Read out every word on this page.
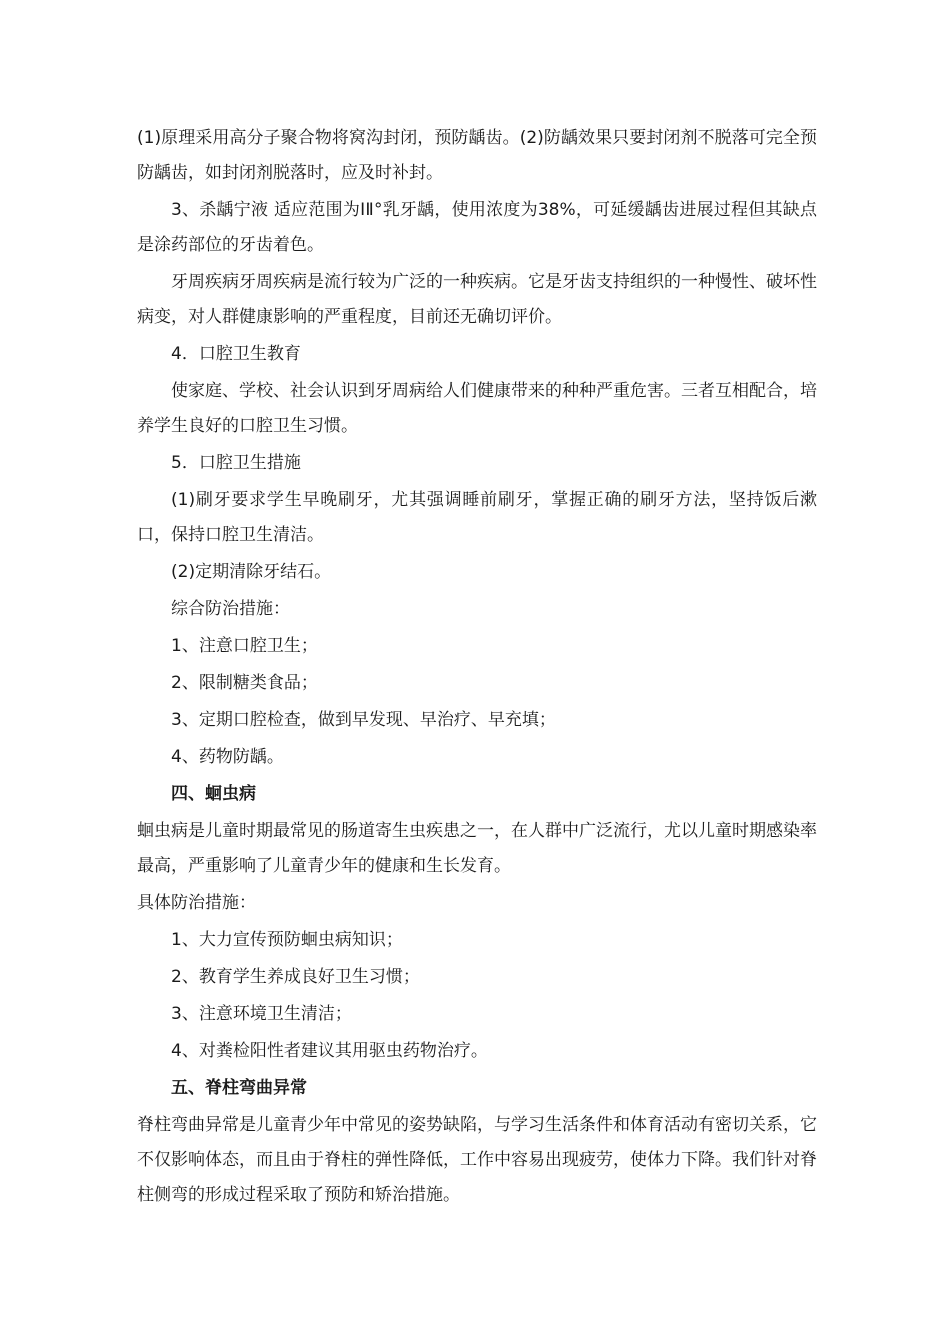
(1)原理采用高分子聚合物将窝沟封闭，预防龋齿。(2)防龋效果只要封闭剂不脱落可完全预防龋齿，如封闭剂脱落时，应及时补封。

3、杀龋宁液 适应范围为ⅠⅡ°乳牙龋，使用浓度为38%，可延缓龋齿进展过程但其缺点是涂药部位的牙齿着色。

牙周疾病牙周疾病是流行较为广泛的一种疾病。它是牙齿支持组织的一种慢性、破坏性病变，对人群健康影响的严重程度，目前还无确切评价。

4．口腔卫生教育

使家庭、学校、社会认识到牙周病给人们健康带来的种种严重危害。三者互相配合，培养学生良好的口腔卫生习惯。

5．口腔卫生措施

(1)刷牙要求学生早晚刷牙，尤其强调睡前刷牙，掌握正确的刷牙方法，坚持饭后漱口，保持口腔卫生清洁。

(2)定期清除牙结石。

综合防治措施：

1、注意口腔卫生；

2、限制糖类食品；

3、定期口腔检查，做到早发现、早治疗、早充填；

4、药物防龋。

四、蛔虫病

蛔虫病是儿童时期最常见的肠道寄生虫疾患之一，在人群中广泛流行，尤以儿童时期感染率最高，严重影响了儿童青少年的健康和生长发育。

具体防治措施：

1、大力宣传预防蛔虫病知识；

2、教育学生养成良好卫生习惯；

3、注意环境卫生清洁；

4、对粪检阳性者建议其用驱虫药物治疗。

五、脊柱弯曲异常

脊柱弯曲异常是儿童青少年中常见的姿势缺陷，与学习生活条件和体育活动有密切关系，它不仅影响体态，而且由于脊柱的弹性降低，工作中容易出现疲劳，使体力下降。我们针对脊柱侧弯的形成过程采取了预防和矫治措施。
